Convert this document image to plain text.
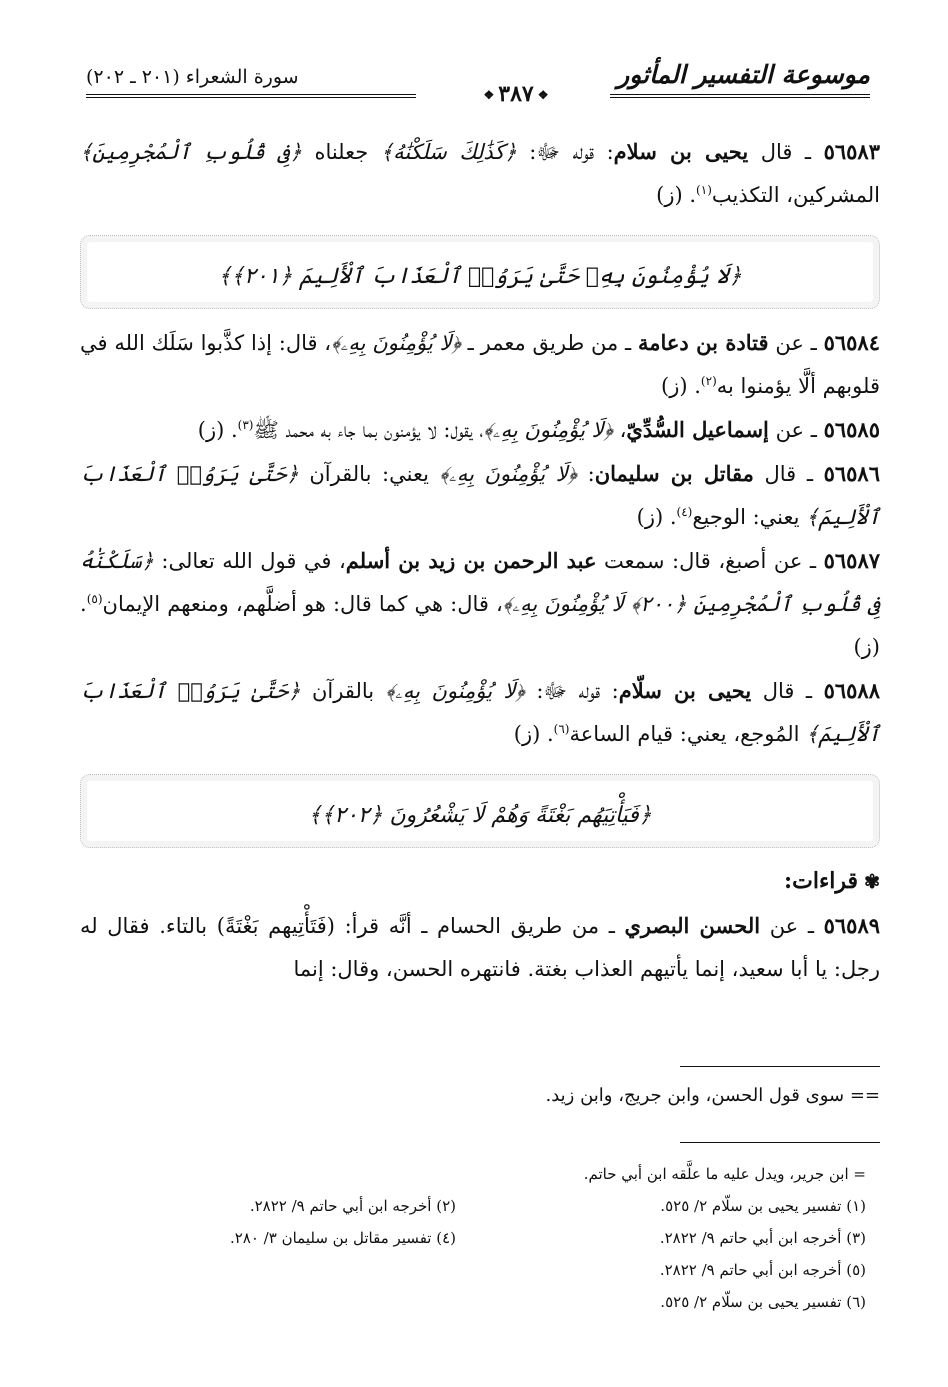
موسوعة التفسير المأثور
سورة الشعراء (٢٠١ ـ ٢٠٢)
❖٣٨٧❖
٥٦٥٨٣ ـ قال يحيى بن سلام: قوله ﷻ: ﴿كَذَٰلِكَ سَلَكْنَٰهُ﴾ جعلناه ﴿فِى قُلُوبِ ٱلْمُجْرِمِينَ﴾ المشركين، التكذيب$^{(١)}$. (ز)
﴿لَا يُؤْمِنُونَ بِهِۦ حَتَّىٰ يَرَوُا۟ ٱلْعَذَابَ ٱلْأَلِيمَ ﴿٢٠١﴾﴾
٥٦٥٨٤ ـ عن قتادة بن دعامة ـ من طريق معمر ـ ﴿لَا يُؤْمِنُونَ بِهِۦ﴾، قال: إذا كذَّبوا سَلَك الله في قلوبهم ألَّا يؤمنوا به$^{(٢)}$. (ز)
٥٦٥٨٥ ـ عن إسماعيل السُّدِّيّ، ﴿لَا يُؤْمِنُونَ بِهِۦ﴾، يقول: لا يؤمنون بما جاء به محمد ﷺ$^{(٣)}$. (ز)
٥٦٥٨٦ ـ قال مقاتل بن سليمان: ﴿لَا يُؤْمِنُونَ بِهِۦ﴾ يعني: بالقرآن ﴿حَتَّىٰ يَرَوُا۟ ٱلْعَذَابَ ٱلْأَلِيمَ﴾ يعني: الوجيع$^{(٤)}$. (ز)
٥٦٥٨٧ ـ عن أصبغ، قال: سمعت عبد الرحمن بن زيد بن أسلم، في قول الله تعالى: ﴿سَلَكْنَٰهُ فِى قُلُوبِ ٱلْمُجْرِمِينَ ﴿٢٠٠﴾ لَا يُؤْمِنُونَ بِهِۦ﴾، قال: هي كما قال: هو أضلَّهم، ومنعهم الإيمان$^{(٥)}$. (ز)
٥٦٥٨٨ ـ قال يحيى بن سلّام: قوله ﷻ: ﴿لَا يُؤْمِنُونَ بِهِۦ﴾ بالقرآن ﴿حَتَّىٰ يَرَوُا۟ ٱلْعَذَابَ ٱلْأَلِيمَ﴾ المُوجع، يعني: قيام الساعة$^{(٦)}$. (ز)
﴿فَيَأْتِيَهُم بَغْتَةً وَهُمْ لَا يَشْعُرُونَ ﴿٢٠٢﴾﴾
✾قراءات:
٥٦٥٨٩ ـ عن الحسن البصري ـ من طريق الحسام ـ أنَّه قرأ: (فَتَأْتِيهم بَغْتَةً) بالتاء. فقال له رجل: يا أبا سعيد، إنما يأتيهم العذاب بغتة. فانتهره الحسن، وقال: إنما
== سوى قول الحسن، وابن جريج، وابن زيد.
= ابن جرير، ويدل عليه ما علَّقه ابن أبي حاتم.
(١) تفسير يحيى بن سلّام ٢/ ٥٢٥.
(٣) أخرجه ابن أبي حاتم ٩/ ٢٨٢٢.
(٥) أخرجه ابن أبي حاتم ٩/ ٢٨٢٢.
(٦) تفسير يحيى بن سلّام ٢/ ٥٢٥.
(٢) أخرجه ابن أبي حاتم ٩/ ٢٨٢٢.
(٤) تفسير مقاتل بن سليمان ٣/ ٢٨٠.
